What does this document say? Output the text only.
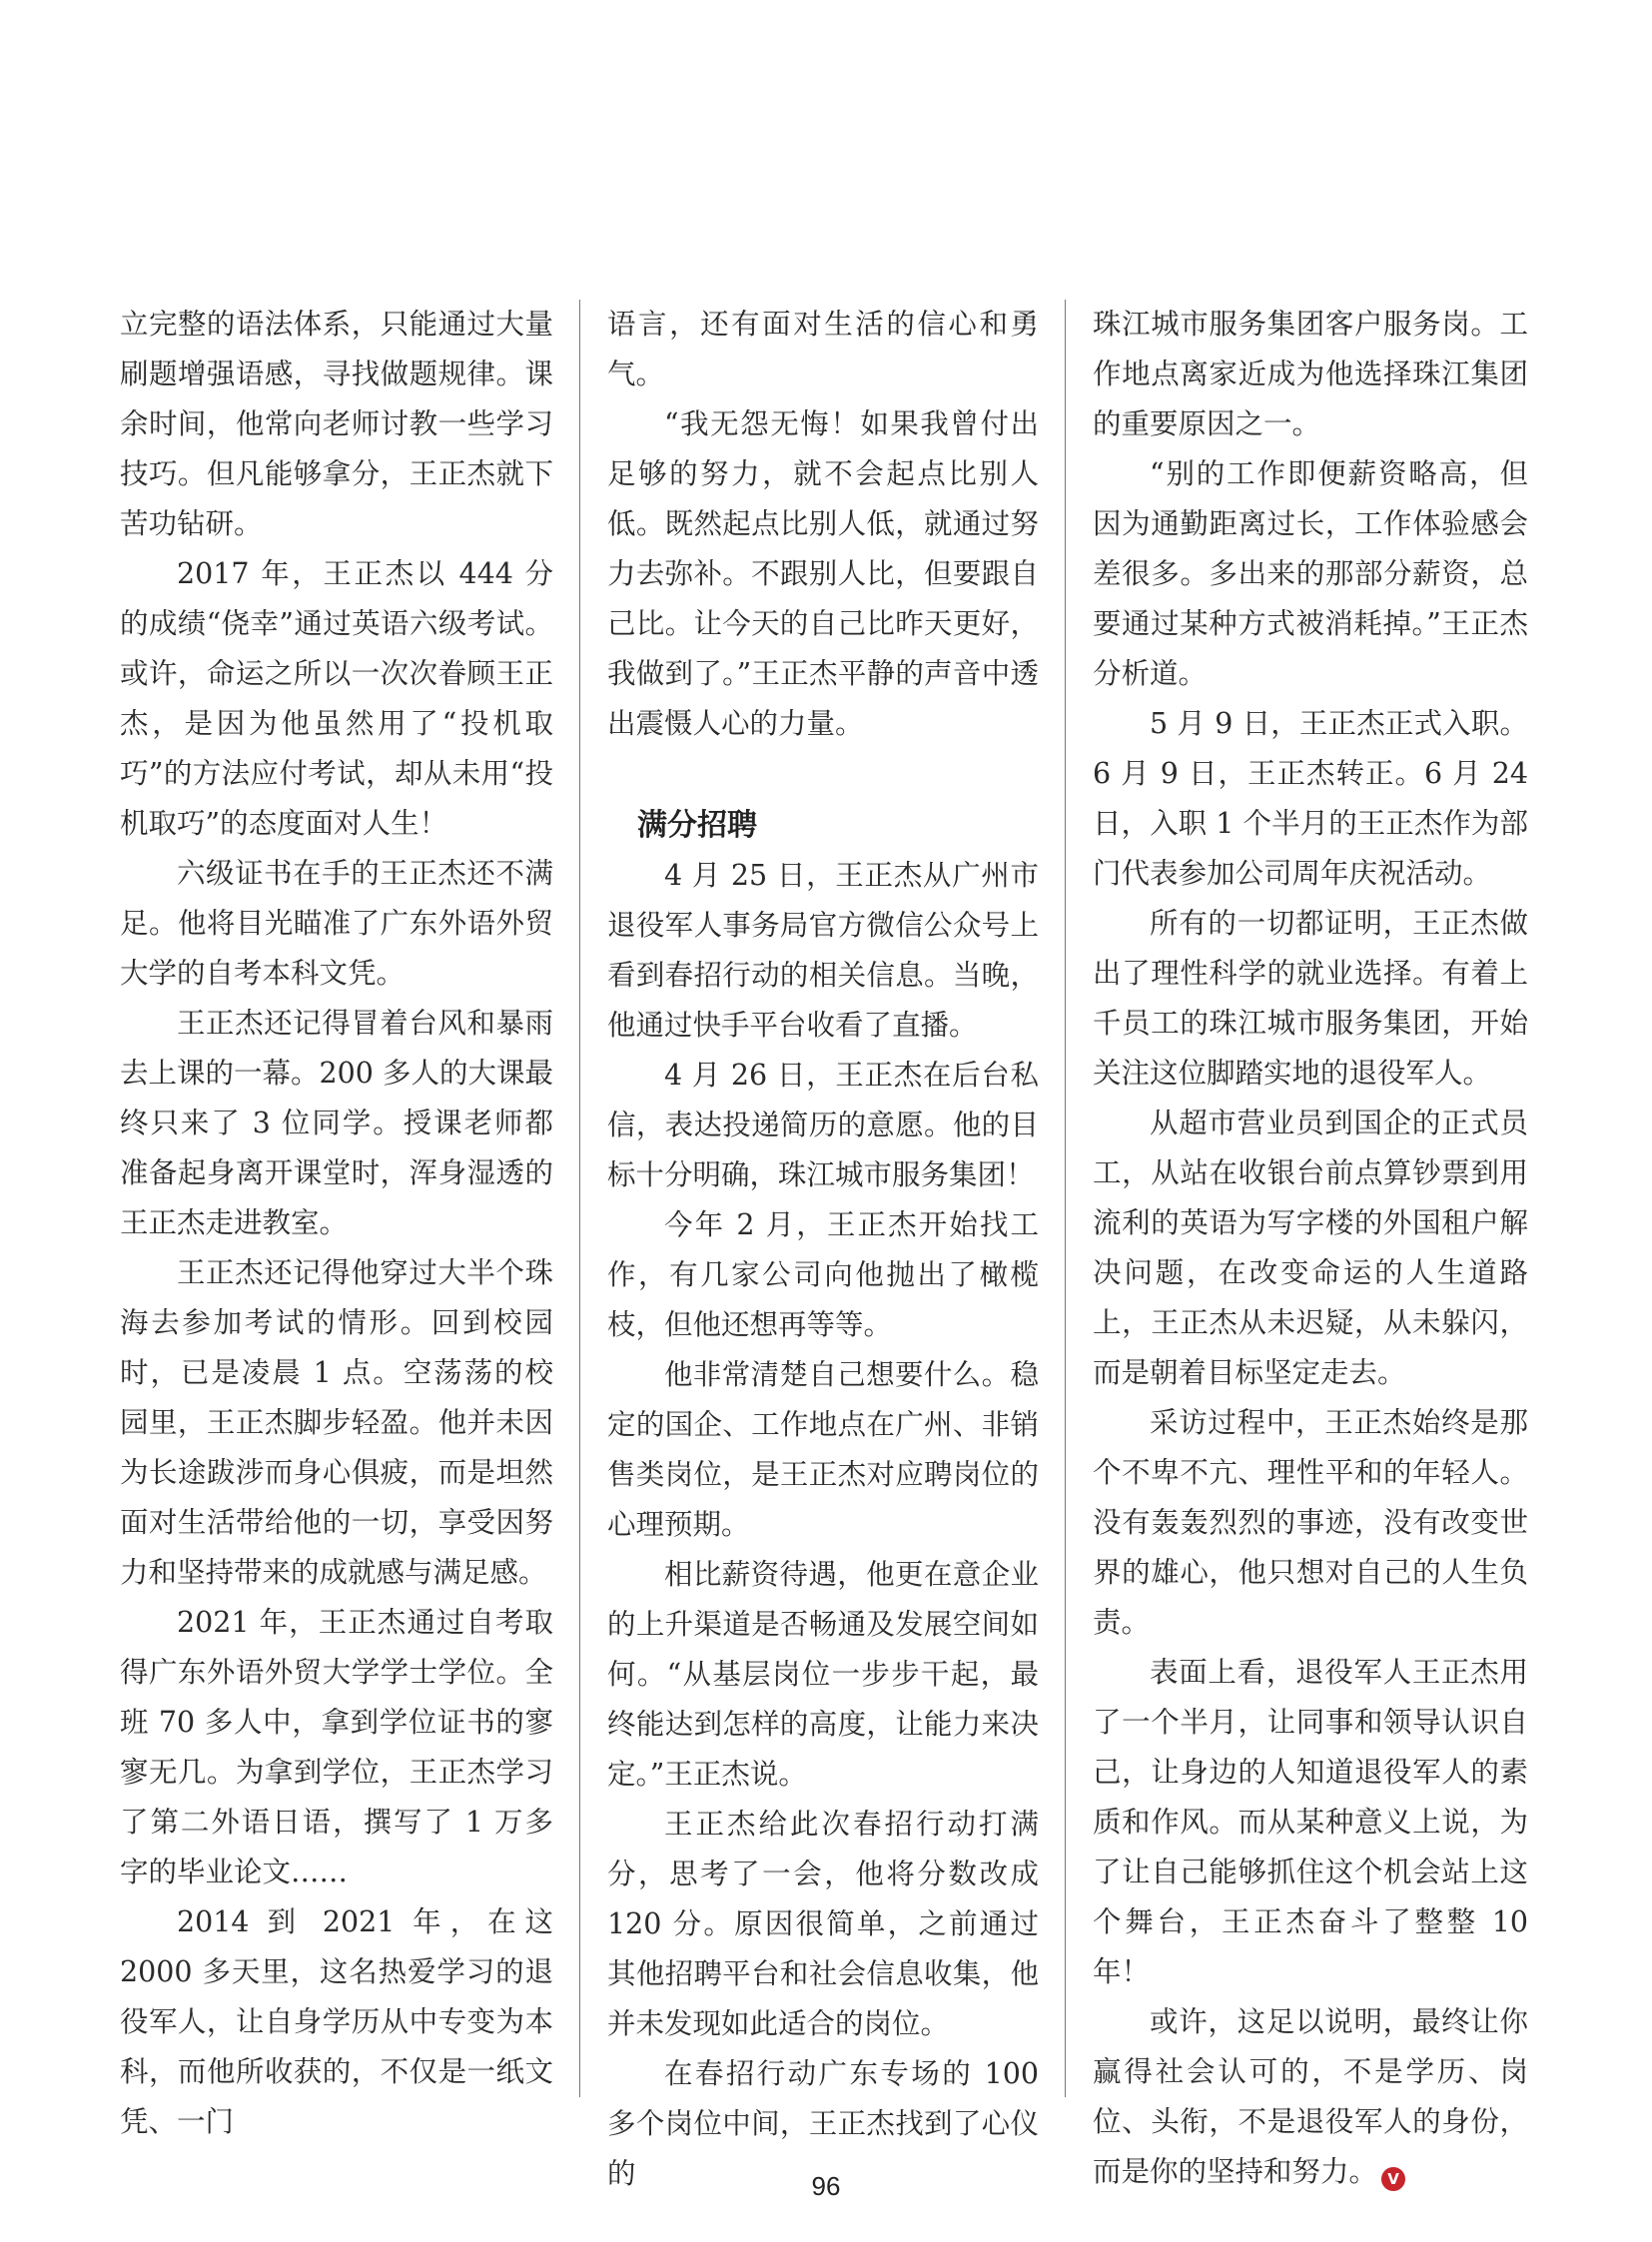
立完整的语法体系，只能通过大量刷题增强语感，寻找做题规律。课余时间，他常向老师讨教一些学习技巧。但凡能够拿分，王正杰就下苦功钻研。

2017 年，王正杰以 444 分的成绩“侥幸”通过英语六级考试。或许，命运之所以一次次眷顾王正杰，是因为他虽然用了“投机取巧”的方法应付考试，却从未用“投机取巧”的态度面对人生！

六级证书在手的王正杰还不满足。他将目光瞄准了广东外语外贸大学的自考本科文凭。

王正杰还记得冒着台风和暴雨去上课的一幕。200 多人的大课最终只来了 3 位同学。授课老师都准备起身离开课堂时，浑身湿透的王正杰走进教室。

王正杰还记得他穿过大半个珠海去参加考试的情形。回到校园时，已是凌晨 1 点。空荡荡的校园里，王正杰脚步轻盈。他并未因为长途跋涉而身心俱疲，而是坦然面对生活带给他的一切，享受因努力和坚持带来的成就感与满足感。

2021 年，王正杰通过自考取得广东外语外贸大学学士学位。全班 70 多人中，拿到学位证书的寥寥无几。为拿到学位，王正杰学习了第二外语日语，撰写了 1 万多字的毕业论文……

2014 到 2021 年，在这 2000 多天里，这名热爱学习的退役军人，让自身学历从中专变为本科，而他所收获的，不仅是一纸文凭、一门

语言，还有面对生活的信心和勇气。

“我无怨无悔！如果我曾付出足够的努力，就不会起点比别人低。既然起点比别人低，就通过努力去弥补。不跟别人比，但要跟自己比。让今天的自己比昨天更好，我做到了。”王正杰平静的声音中透出震慑人心的力量。

满分招聘

4 月 25 日，王正杰从广州市退役军人事务局官方微信公众号上看到春招行动的相关信息。当晚，他通过快手平台收看了直播。

4 月 26 日，王正杰在后台私信，表达投递简历的意愿。他的目标十分明确，珠江城市服务集团！

今年 2 月，王正杰开始找工作，有几家公司向他抛出了橄榄枝，但他还想再等等。

他非常清楚自己想要什么。稳定的国企、工作地点在广州、非销售类岗位，是王正杰对应聘岗位的心理预期。

相比薪资待遇，他更在意企业的上升渠道是否畅通及发展空间如何。“从基层岗位一步步干起，最终能达到怎样的高度，让能力来决定。”王正杰说。

王正杰给此次春招行动打满分，思考了一会，他将分数改成 120 分。原因很简单，之前通过其他招聘平台和社会信息收集，他并未发现如此适合的岗位。

在春招行动广东专场的 100 多个岗位中间，王正杰找到了心仪的

珠江城市服务集团客户服务岗。工作地点离家近成为他选择珠江集团的重要原因之一。

“别的工作即便薪资略高，但因为通勤距离过长，工作体验感会差很多。多出来的那部分薪资，总要通过某种方式被消耗掉。”王正杰分析道。

5 月 9 日，王正杰正式入职。6 月 9 日，王正杰转正。6 月 24 日，入职 1 个半月的王正杰作为部门代表参加公司周年庆祝活动。

所有的一切都证明，王正杰做出了理性科学的就业选择。有着上千员工的珠江城市服务集团，开始关注这位脚踏实地的退役军人。

从超市营业员到国企的正式员工，从站在收银台前点算钞票到用流利的英语为写字楼的外国租户解决问题，在改变命运的人生道路上，王正杰从未迟疑，从未躲闪，而是朝着目标坚定走去。

采访过程中，王正杰始终是那个不卑不亢、理性平和的年轻人。没有轰轰烈烈的事迹，没有改变世界的雄心，他只想对自己的人生负责。

表面上看，退役军人王正杰用了一个半月，让同事和领导认识自己，让身边的人知道退役军人的素质和作风。而从某种意义上说，为了让自己能够抓住这个机会站上这个舞台，王正杰奋斗了整整 10 年！

或许，这足以说明，最终让你赢得社会认可的，不是学历、岗位、头衔，不是退役军人的身份，而是你的坚持和努力。 V

96
